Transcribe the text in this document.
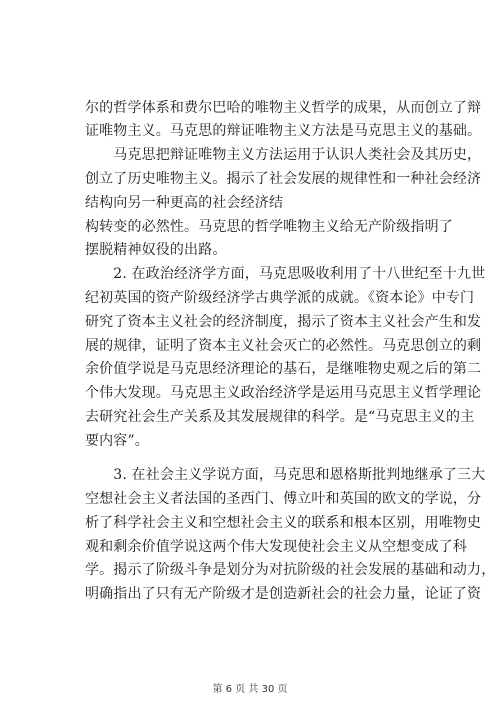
尔的哲学体系和费尔巴哈的唯物主义哲学的成果，从而创立了辩
证唯物主义。马克思的辩证唯物主义方法是马克思主义的基础。
　　马克思把辩证唯物主义方法运用于认识人类社会及其历史，
创立了历史唯物主义。揭示了社会发展的规律性和一种社会经济
结构向另一种更高的社会经济结
构转变的必然性。马克思的哲学唯物主义给无产阶级指明了
摆脱精神奴役的出路。
　　2. 在政治经济学方面，马克思吸收利用了十八世纪至十九世
纪初英国的资产阶级经济学古典学派的成就。《资本论》中专门
研究了资本主义社会的经济制度，揭示了资本主义社会产生和发
展的规律，证明了资本主义社会灭亡的必然性。马克思创立的剩
余价值学说是马克思经济理论的基石，是继唯物史观之后的第二
个伟大发现。马克思主义政治经济学是运用马克思主义哲学理论
去研究社会生产关系及其发展规律的科学。是“马克思主义的主
要内容”。
　　3. 在社会主义学说方面，马克思和恩格斯批判地继承了三大
空想社会主义者法国的圣西门、傅立叶和英国的欧文的学说，分
析了科学社会主义和空想社会主义的联系和根本区别，用唯物史
观和剩余价值学说这两个伟大发现使社会主义从空想变成了科
学。揭示了阶级斗争是划分为对抗阶级的社会发展的基础和动力，
明确指出了只有无产阶级才是创造新社会的社会力量，论证了资
第 6 页 共 30 页
